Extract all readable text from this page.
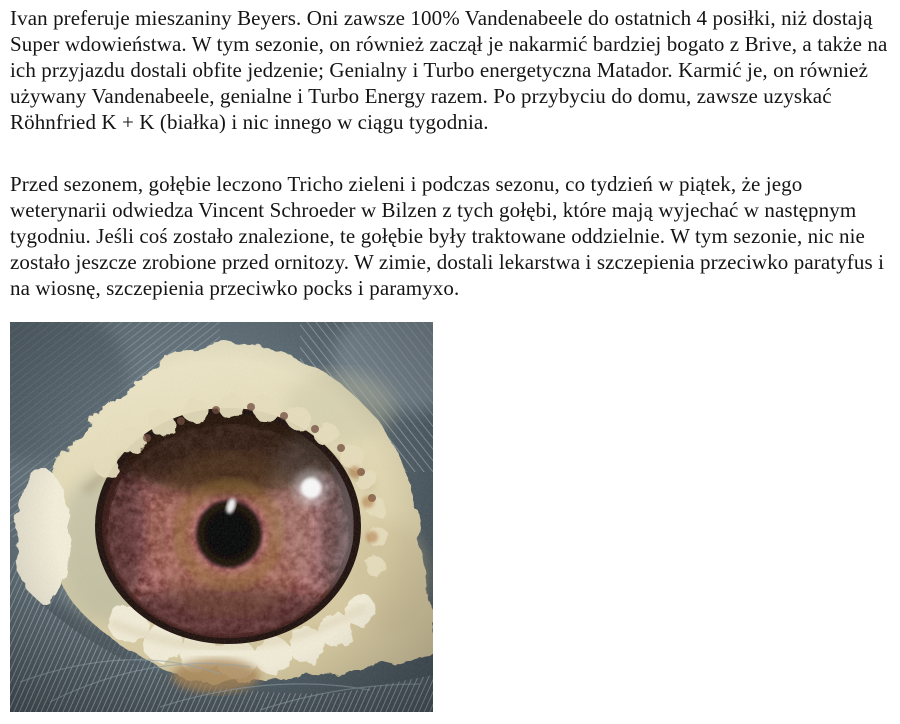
Ivan preferuje mieszaniny Beyers. Oni zawsze 100% Vandenabeele do ostatnich 4 posiłki, niż dostają Super wdowieństwa. W tym sezonie, on również zaczął je nakarmić bardziej bogato z Brive, a także na ich przyjazdu dostali obfite jedzenie; Genialny i Turbo energetyczna Matador. Karmić je, on również używany Vandenabeele, genialne i Turbo Energy razem. Po przybyciu do domu, zawsze uzyskać Röhnfried K + K (białka) i nic innego w ciągu tygodnia.

Przed sezonem, gołębie leczono Tricho zieleni i podczas sezonu, co tydzień w piątek, że jego weterynarii odwiedza Vincent Schroeder w Bilzen z tych gołębi, które mają wyjechać w następnym tygodniu. Jeśli coś zostało znalezione, te gołębie były traktowane oddzielnie. W tym sezonie, nic nie zostało jeszcze zrobione przed ornitozy. W zimie, dostali lekarstwa i szczepienia przeciwko paratyfus i na wiosnę, szczepienia przeciwko pocks i paramyxo.
